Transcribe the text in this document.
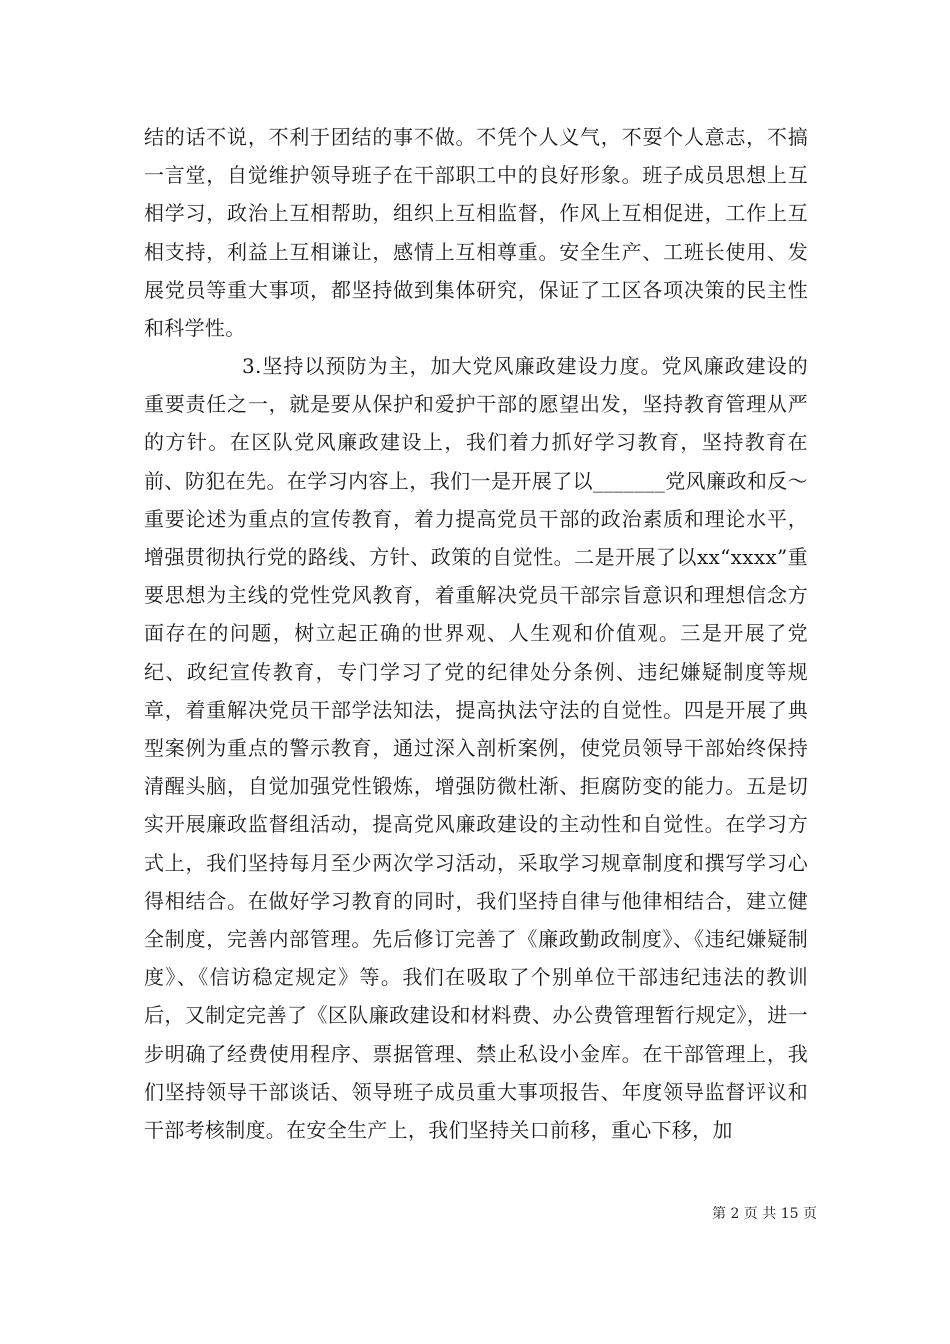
结的话不说，不利于团结的事不做。不凭个人义气，不耍个人意志，不搞一言堂，自觉维护领导班子在干部职工中的良好形象。班子成员思想上互相学习，政治上互相帮助，组织上互相监督，作风上互相促进，工作上互相支持，利益上互相谦让，感情上互相尊重。安全生产、工班长使用、发展党员等重大事项，都坚持做到集体研究，保证了工区各项决策的民主性和科学性。
3.坚持以预防为主，加大党风廉政建设力度。党风廉政建设的重要责任之一，就是要从保护和爱护干部的愿望出发，坚持教育管理从严的方针。在区队党风廉政建设上，我们着力抓好学习教育，坚持教育在前、防犯在先。在学习内容上，我们一是开展了以_______党风廉政和反～重要论述为重点的宣传教育，着力提高党员干部的政治素质和理论水平，增强贯彻执行党的路线、方针、政策的自觉性。二是开展了以xx“xxxx”重要思想为主线的党性党风教育，着重解决党员干部宗旨意识和理想信念方面存在的问题，树立起正确的世界观、人生观和价值观。三是开展了党纪、政纪宣传教育，专门学习了党的纪律处分条例、违纪嫌疑制度等规章，着重解决党员干部学法知法，提高执法守法的自觉性。四是开展了典型案例为重点的警示教育，通过深入剖析案例，使党员领导干部始终保持清醒头脑，自觉加强党性锻炼，增强防微杜渐、拒腐防变的能力。五是切实开展廉政监督组活动，提高党风廉政建设的主动性和自觉性。在学习方式上，我们坚持每月至少两次学习活动，采取学习规章制度和撰写学习心得相结合。在做好学习教育的同时，我们坚持自律与他律相结合，建立健全制度，完善内部管理。先后修订完善了《廉政勤政制度》、《违纪嫌疑制度》、《信访稳定规定》等。我们在吸取了个别单位干部违纪违法的教训后，又制定完善了《区队廉政建设和材料费、办公费管理暂行规定》，进一步明确了经费使用程序、票据管理、禁止私设小金库。在干部管理上，我们坚持领导干部谈话、领导班子成员重大事项报告、年度领导监督评议和干部考核制度。在安全生产上，我们坚持关口前移，重心下移，加
第 2 页 共 15 页
